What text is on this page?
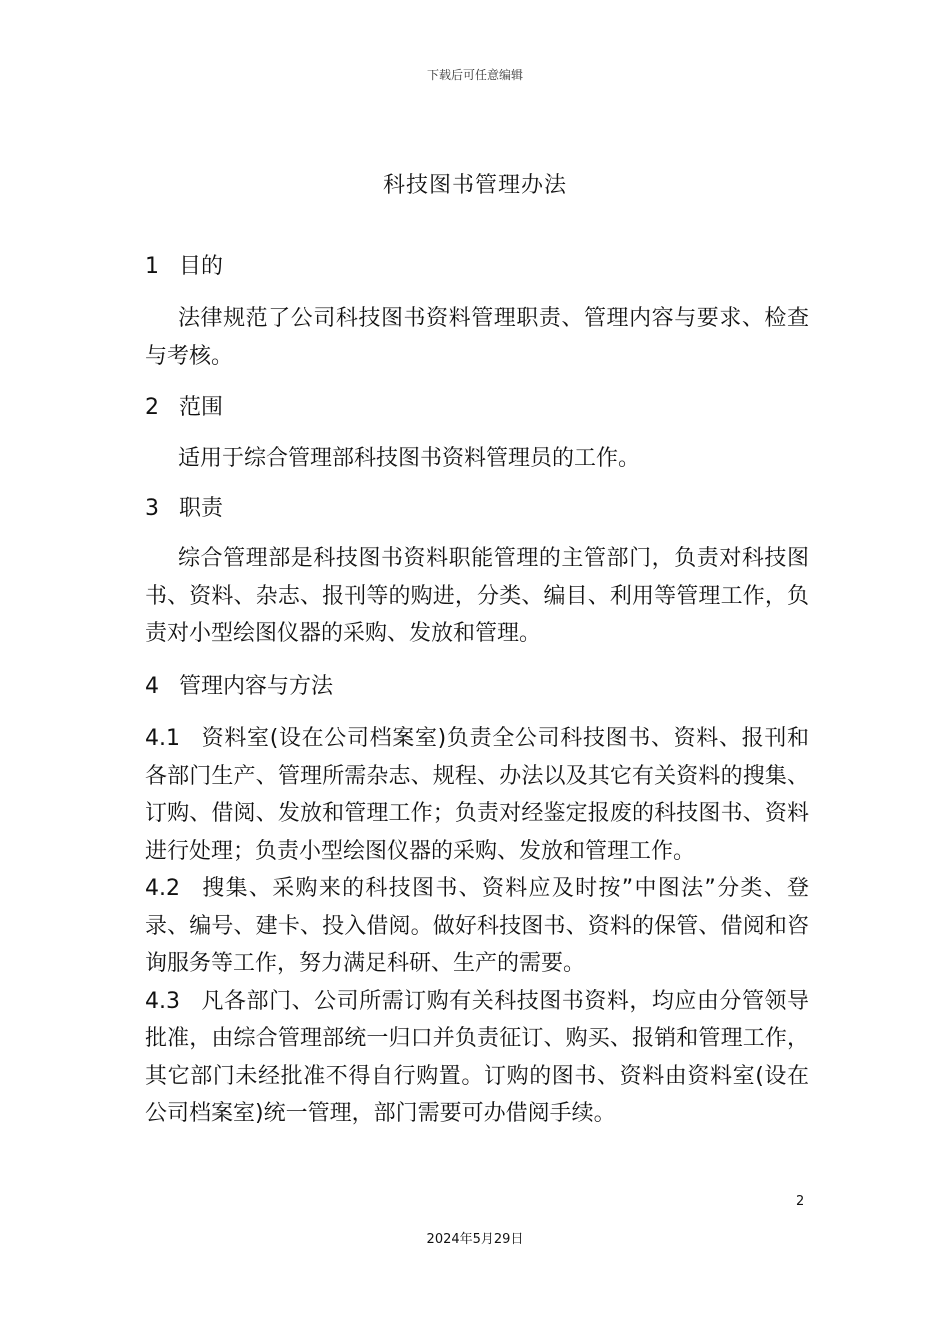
下载后可任意编辑
科技图书管理办法

1 目的

法律规范了公司科技图书资料管理职责、管理内容与要求、检查与考核。

2 范围

适用于综合管理部科技图书资料管理员的工作。

3 职责

综合管理部是科技图书资料职能管理的主管部门，负责对科技图书、资料、杂志、报刊等的购进，分类、编目、利用等管理工作，负责对小型绘图仪器的采购、发放和管理。

4 管理内容与方法

4.1 资料室(设在公司档案室)负责全公司科技图书、资料、报刊和各部门生产、管理所需杂志、规程、办法以及其它有关资料的搜集、订购、借阅、发放和管理工作；负责对经鉴定报废的科技图书、资料进行处理；负责小型绘图仪器的采购、发放和管理工作。

4.2 搜集、采购来的科技图书、资料应及时按”中图法”分类、登录、编号、建卡、投入借阅。做好科技图书、资料的保管、借阅和咨询服务等工作，努力满足科研、生产的需要。

4.3 凡各部门、公司所需订购有关科技图书资料，均应由分管领导批准，由综合管理部统一归口并负责征订、购买、报销和管理工作，其它部门未经批准不得自行购置。订购的图书、资料由资料室(设在公司档案室)统一管理，部门需要可办借阅手续。

2
2024年5月29日
